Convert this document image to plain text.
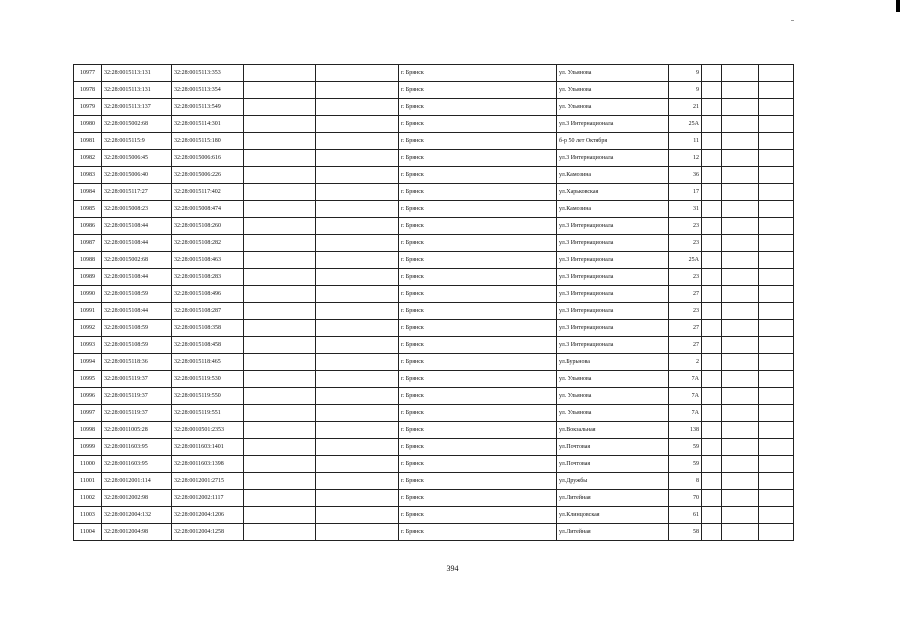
10977	32:28:0015113:131	32:28:0015113:353			г. Брянск	ул. Ульянова	9			
10978	32:28:0015113:131	32:28:0015113:354			г. Брянск	ул. Ульянова	9			
10979	32:28:0015113:137	32:28:0015113:549			г. Брянск	ул. Ульянова	21			
10980	32:28:0015002:68	32:28:0015114:301			г. Брянск	ул.3 Интернационала	25А			
10981	32:28:0015115:9	32:28:0015115:180			г. Брянск	б-р 50 лет Октября	11			
10982	32:28:0015006:45	32:28:0015006:616			г. Брянск	ул.3 Интернационала	12			
10983	32:28:0015006:40	32:28:0015006:226			г. Брянск	ул.Камозина	36			
10984	32:28:0015117:27	32:28:0015117:402			г. Брянск	ул.Харьковская	17			
10985	32:28:0015008:23	32:28:0015008:474			г. Брянск	ул.Камозина	31			
10986	32:28:0015108:44	32:28:0015108:260			г. Брянск	ул.3 Интернационала	23			
10987	32:28:0015108:44	32:28:0015108:282			г. Брянск	ул.3 Интернационала	23			
10988	32:28:0015002:68	32:28:0015108:463			г. Брянск	ул.3 Интернационала	25А			
10989	32:28:0015108:44	32:28:0015108:283			г. Брянск	ул.3 Интернационала	23			
10990	32:28:0015108:59	32:28:0015108:496			г. Брянск	ул.3 Интернационала	27			
10991	32:28:0015108:44	32:28:0015108:287			г. Брянск	ул.3 Интернационала	23			
10992	32:28:0015108:59	32:28:0015108:358			г. Брянск	ул.3 Интернационала	27			
10993	32:28:0015108:59	32:28:0015108:458			г. Брянск	ул.3 Интернационала	27			
10994	32:28:0015118:36	32:28:0015118:465			г. Брянск	ул.Бурьнова	2			
10995	32:28:0015119:37	32:28:0015119:530			г. Брянск	ул. Ульянова	7А			
10996	32:28:0015119:37	32:28:0015119:550			г. Брянск	ул. Ульянова	7А			
10997	32:28:0015119:37	32:28:0015119:551			г. Брянск	ул. Ульянова	7А			
10998	32:28:0011005:28	32:28:0010501:2353			г. Брянск	ул.Вокзальная	138			
10999	32:28:0011603:95	32:28:0011603:1401			г. Брянск	ул.Почтовая	59			
11000	32:28:0011603:95	32:28:0011603:1398			г. Брянск	ул.Почтовая	59			
11001	32:28:0012001:114	32:28:0012001:2715			г. Брянск	ул.Дружбы	8			
11002	32:28:0012002:98	32:28:0012002:1117			г. Брянск	ул.Литейная	70			
11003	32:28:0012004:132	32:28:0012004:1206			г. Брянск	ул.Клинцовская	61			
11004	32:28:0012004:98	32:28:0012004:1258			г. Брянск	ул.Литейная	58			
394
